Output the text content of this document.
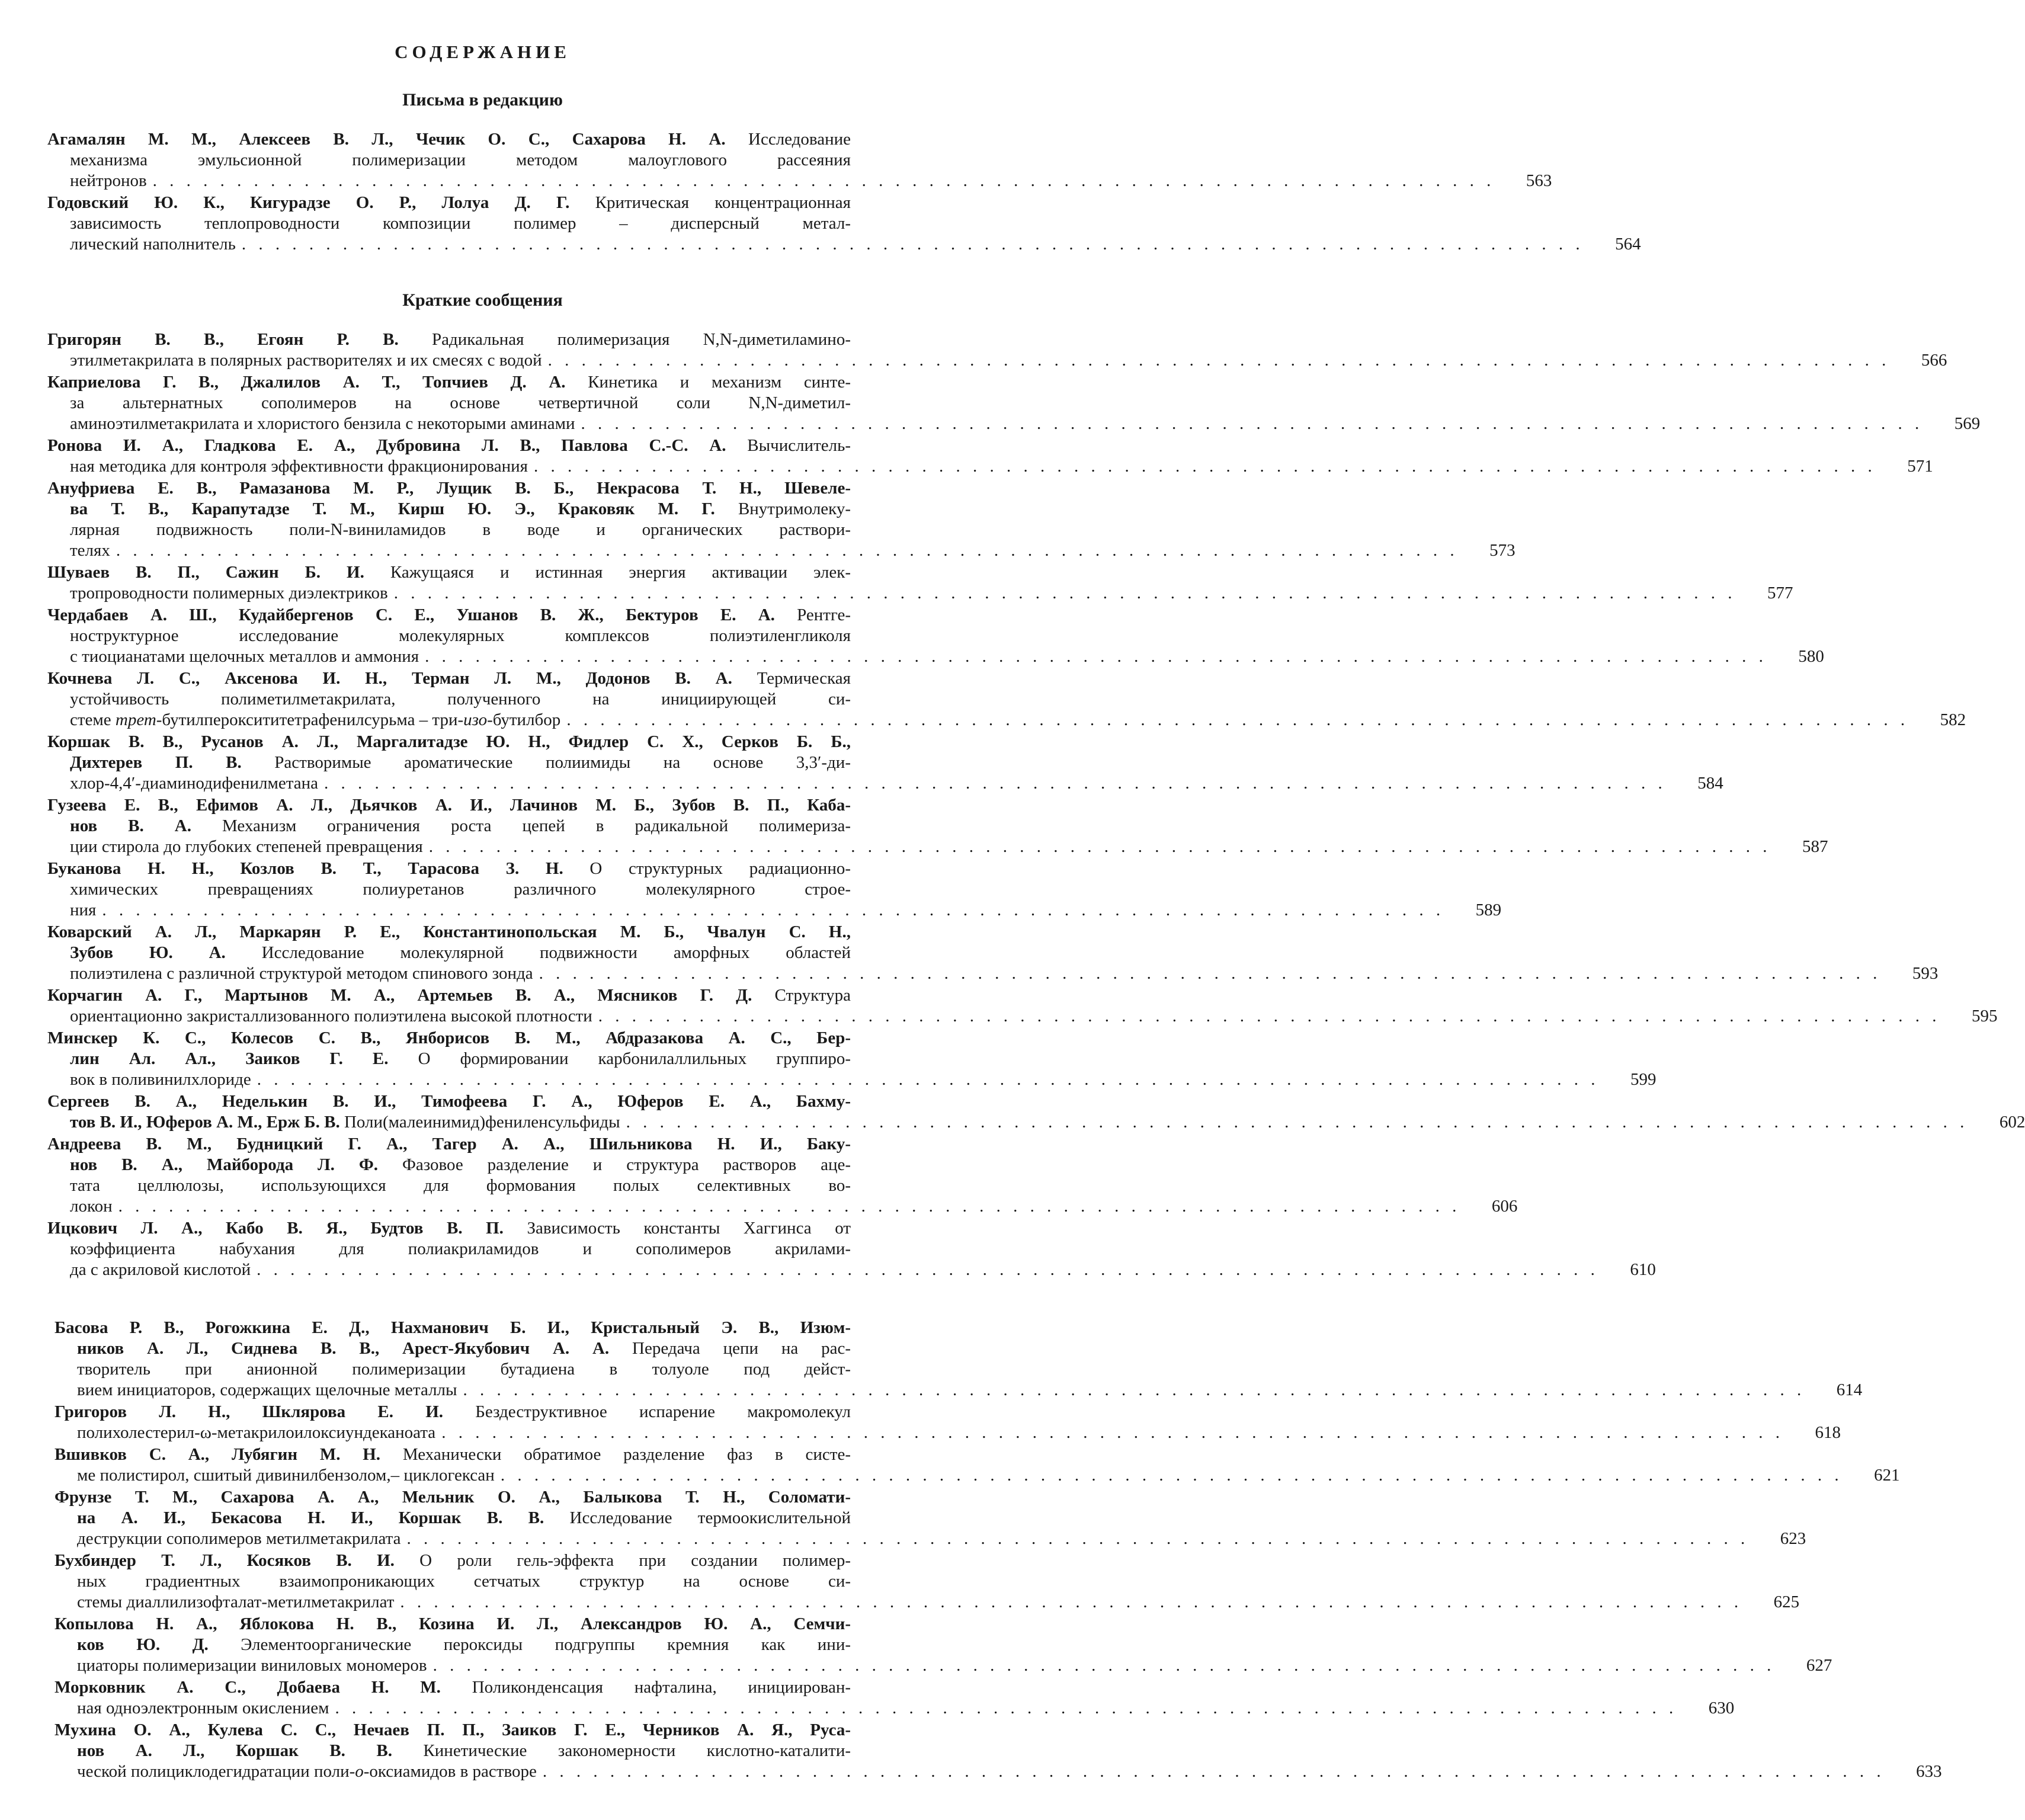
СОДЕРЖАНИЕ
Письма в редакцию
Агамалян М. М., Алексеев В. Л., Чечик О. С., Сахарова Н. А. Исследование
механизма эмульсионной полимеризации методом малоуглового рассеяния
нейтронов . . . . . . . . . . . . . . . . . . . . . . . . . . . . . . . . . . . . . . . . . . . . . . . . . . . . . . . . . . . . . . . . . . . . . . . . . . . . . . . .	563
Годовский Ю. К., Кигурадзе О. Р., Лолуа Д. Г. Критическая концентрационная
зависимость теплопроводности композиции полимер – дисперсный метал-
лический наполнитель . . . . . . . . . . . . . . . . . . . . . . . . . . . . . . . . . . . . . . . . . . . . . . . . . . . . . . . . . . . . . . . . . . . . . . . . . . . . . . . .	564
Краткие сообщения
Григорян В. В., Егоян Р. В. Радикальная полимеризация N,N-диметиламино-
этилметакрилата в полярных растворителях и их смесях с водой . . . . . . . . . . . . . . . . . . . . . . . . . . . . . . . . . . . . . . . . . . . . . . . . . . . . . . . . . . . . . . . . . . . . . . . . . . . . . . . .	566
Каприелова Г. В., Джалилов А. Т., Топчиев Д. А. Кинетика и механизм синте-
за альтернатных сополимеров на основе четвертичной соли N,N-диметил-
аминоэтилметакрилата и хлористого бензила с некоторыми аминами . . . . . . . . . . . . . . . . . . . . . . . . . . . . . . . . . . . . . . . . . . . . . . . . . . . . . . . . . . . . . . . . . . . . . . . . . . . . . . . .	569
Ронова И. А., Гладкова Е. А., Дубровина Л. В., Павлова С.-С. А. Вычислитель-
ная методика для контроля эффективности фракционирования . . . . . . . . . . . . . . . . . . . . . . . . . . . . . . . . . . . . . . . . . . . . . . . . . . . . . . . . . . . . . . . . . . . . . . . . . . . . . . . .	571
Ануфриева Е. В., Рамазанова М. Р., Лущик В. Б., Некрасова Т. Н., Шевеле-
ва Т. В., Карапутадзе Т. М., Кирш Ю. Э., Краковяк М. Г. Внутримолеку-
лярная подвижность поли-N-виниламидов в воде и органических раствори-
телях . . . . . . . . . . . . . . . . . . . . . . . . . . . . . . . . . . . . . . . . . . . . . . . . . . . . . . . . . . . . . . . . . . . . . . . . . . . . . . . .	573
Шуваев В. П., Сажин Б. И. Кажущаяся и истинная энергия активации элек-
тропроводности полимерных диэлектриков . . . . . . . . . . . . . . . . . . . . . . . . . . . . . . . . . . . . . . . . . . . . . . . . . . . . . . . . . . . . . . . . . . . . . . . . . . . . . . . .	577
Чердабаев А. Ш., Кудайбергенов С. Е., Ушанов В. Ж., Бектуров Е. А. Рентге-
ноструктурное исследование молекулярных комплексов полиэтиленгликоля
с тиоцианатами щелочных металлов и аммония . . . . . . . . . . . . . . . . . . . . . . . . . . . . . . . . . . . . . . . . . . . . . . . . . . . . . . . . . . . . . . . . . . . . . . . . . . . . . . . .	580
Кочнева Л. С., Аксенова И. Н., Терман Л. М., Додонов В. А. Термическая
устойчивость полиметилметакрилата, полученного на инициирующей си-
стеме трет-бутилпероксититетрафенилсурьма – три-изо-бутилбор . . . . . . . . . . . . . . . . . . . . . . . . . . . . . . . . . . . . . . . . . . . . . . . . . . . . . . . . . . . . . . . . . . . . . . . . . . . . . . . .	582
Коршак В. В., Русанов А. Л., Маргалитадзе Ю. Н., Фидлер С. Х., Серков Б. Б.,
Дихтерев П. В. Растворимые ароматические полиимиды на основе 3,3′-ди-
хлор-4,4′-диаминодифенилметана . . . . . . . . . . . . . . . . . . . . . . . . . . . . . . . . . . . . . . . . . . . . . . . . . . . . . . . . . . . . . . . . . . . . . . . . . . . . . . . .	584
Гузеева Е. В., Ефимов А. Л., Дьячков А. И., Лачинов М. Б., Зубов В. П., Каба-
нов В. А. Механизм ограничения роста цепей в радикальной полимериза-
ции стирола до глубоких степеней превращения . . . . . . . . . . . . . . . . . . . . . . . . . . . . . . . . . . . . . . . . . . . . . . . . . . . . . . . . . . . . . . . . . . . . . . . . . . . . . . . .	587
Буканова Н. Н., Козлов В. Т., Тарасова З. Н. О структурных радиационно-
химических превращениях полиуретанов различного молекулярного строе-
ния . . . . . . . . . . . . . . . . . . . . . . . . . . . . . . . . . . . . . . . . . . . . . . . . . . . . . . . . . . . . . . . . . . . . . . . . . . . . . . . .	589
Коварский А. Л., Маркарян Р. Е., Константинопольская М. Б., Чвалун С. Н.,
Зубов Ю. А. Исследование молекулярной подвижности аморфных областей
полиэтилена с различной структурой методом спинового зонда . . . . . . . . . . . . . . . . . . . . . . . . . . . . . . . . . . . . . . . . . . . . . . . . . . . . . . . . . . . . . . . . . . . . . . . . . . . . . . . .	593
Корчагин А. Г., Мартынов М. А., Артемьев В. А., Мясников Г. Д. Структура
ориентационно закристаллизованного полиэтилена высокой плотности . . . . . . . . . . . . . . . . . . . . . . . . . . . . . . . . . . . . . . . . . . . . . . . . . . . . . . . . . . . . . . . . . . . . . . . . . . . . . . . .	595
Минскер К. С., Колесов С. В., Янборисов В. М., Абдразакова А. С., Бер-
лин Ал. Ал., Заиков Г. Е. О формировании карбонилаллильных группиро-
вок в поливинилхлориде . . . . . . . . . . . . . . . . . . . . . . . . . . . . . . . . . . . . . . . . . . . . . . . . . . . . . . . . . . . . . . . . . . . . . . . . . . . . . . . .	599
Сергеев В. А., Неделькин В. И., Тимофеева Г. А., Юферов Е. А., Бахму-
тов В. И., Юферов А. М., Ерж Б. В. Поли(малеинимид)фениленсульфиды . . . . . . . . . . . . . . . . . . . . . . . . . . . . . . . . . . . . . . . . . . . . . . . . . . . . . . . . . . . . . . . . . . . . . . . . . . . . . . . .	602
Андреева В. М., Будницкий Г. А., Тагер А. А., Шильникова Н. И., Баку-
нов В. А., Майборода Л. Ф. Фазовое разделение и структура растворов аце-
тата целлюлозы, использующихся для формования полых селективных во-
локон . . . . . . . . . . . . . . . . . . . . . . . . . . . . . . . . . . . . . . . . . . . . . . . . . . . . . . . . . . . . . . . . . . . . . . . . . . . . . . . .	606
Ицкович Л. А., Кабо В. Я., Будтов В. П. Зависимость константы Хаггинса от
коэффициента набухания для полиакриламидов и сополимеров акрилами-
да с акриловой кислотой . . . . . . . . . . . . . . . . . . . . . . . . . . . . . . . . . . . . . . . . . . . . . . . . . . . . . . . . . . . . . . . . . . . . . . . . . . . . . . . .	610
Басова Р. В., Рогожкина Е. Д., Нахманович Б. И., Кристальный Э. В., Изюм-
ников А. Л., Сиднева В. В., Арест-Якубович А. А. Передача цепи на рас-
творитель при анионной полимеризации бутадиена в толуоле под дейст-
вием инициаторов, содержащих щелочные металлы . . . . . . . . . . . . . . . . . . . . . . . . . . . . . . . . . . . . . . . . . . . . . . . . . . . . . . . . . . . . . . . . . . . . . . . . . . . . . . . .	614
Григоров Л. Н., Шклярова Е. И. Бездеструктивное испарение макромолекул
полихолестерил-ω-метакрилоилоксиундеканоата . . . . . . . . . . . . . . . . . . . . . . . . . . . . . . . . . . . . . . . . . . . . . . . . . . . . . . . . . . . . . . . . . . . . . . . . . . . . . . . .	618
Вшивков С. А., Лубягин М. Н. Механически обратимое разделение фаз в систе-
ме полистирол, сшитый дивинилбензолом,– циклогексан . . . . . . . . . . . . . . . . . . . . . . . . . . . . . . . . . . . . . . . . . . . . . . . . . . . . . . . . . . . . . . . . . . . . . . . . . . . . . . . .	621
Фрунзе Т. М., Сахарова А. А., Мельник О. А., Балыкова Т. Н., Соломати-
на А. И., Бекасова Н. И., Коршак В. В. Исследование термоокислительной
деструкции сополимеров метилметакрилата . . . . . . . . . . . . . . . . . . . . . . . . . . . . . . . . . . . . . . . . . . . . . . . . . . . . . . . . . . . . . . . . . . . . . . . . . . . . . . . .	623
Бухбиндер Т. Л., Косяков В. И. О роли гель-эффекта при создании полимер-
ных градиентных взаимопроникающих сетчатых структур на основе си-
стемы диаллилизофталат-метилметакрилат . . . . . . . . . . . . . . . . . . . . . . . . . . . . . . . . . . . . . . . . . . . . . . . . . . . . . . . . . . . . . . . . . . . . . . . . . . . . . . . .	625
Копылова Н. А., Яблокова Н. В., Козина И. Л., Александров Ю. А., Семчи-
ков Ю. Д. Элементоорганические пероксиды подгруппы кремния как ини-
циаторы полимеризации виниловых мономеров . . . . . . . . . . . . . . . . . . . . . . . . . . . . . . . . . . . . . . . . . . . . . . . . . . . . . . . . . . . . . . . . . . . . . . . . . . . . . . . .	627
Морковник А. С., Добаева Н. М. Поликонденсация нафталина, инициирован-
ная одноэлектронным окислением . . . . . . . . . . . . . . . . . . . . . . . . . . . . . . . . . . . . . . . . . . . . . . . . . . . . . . . . . . . . . . . . . . . . . . . . . . . . . . . .	630
Мухина О. А., Кулева С. С., Нечаев П. П., Заиков Г. Е., Черников А. Я., Руса-
нов А. Л., Коршак В. В. Кинетические закономерности кислотно-каталити-
ческой полициклодегидратации поли-о-оксиамидов в растворе . . . . . . . . . . . . . . . . . . . . . . . . . . . . . . . . . . . . . . . . . . . . . . . . . . . . . . . . . . . . . . . . . . . . . . . . . . . . . . . .	633
